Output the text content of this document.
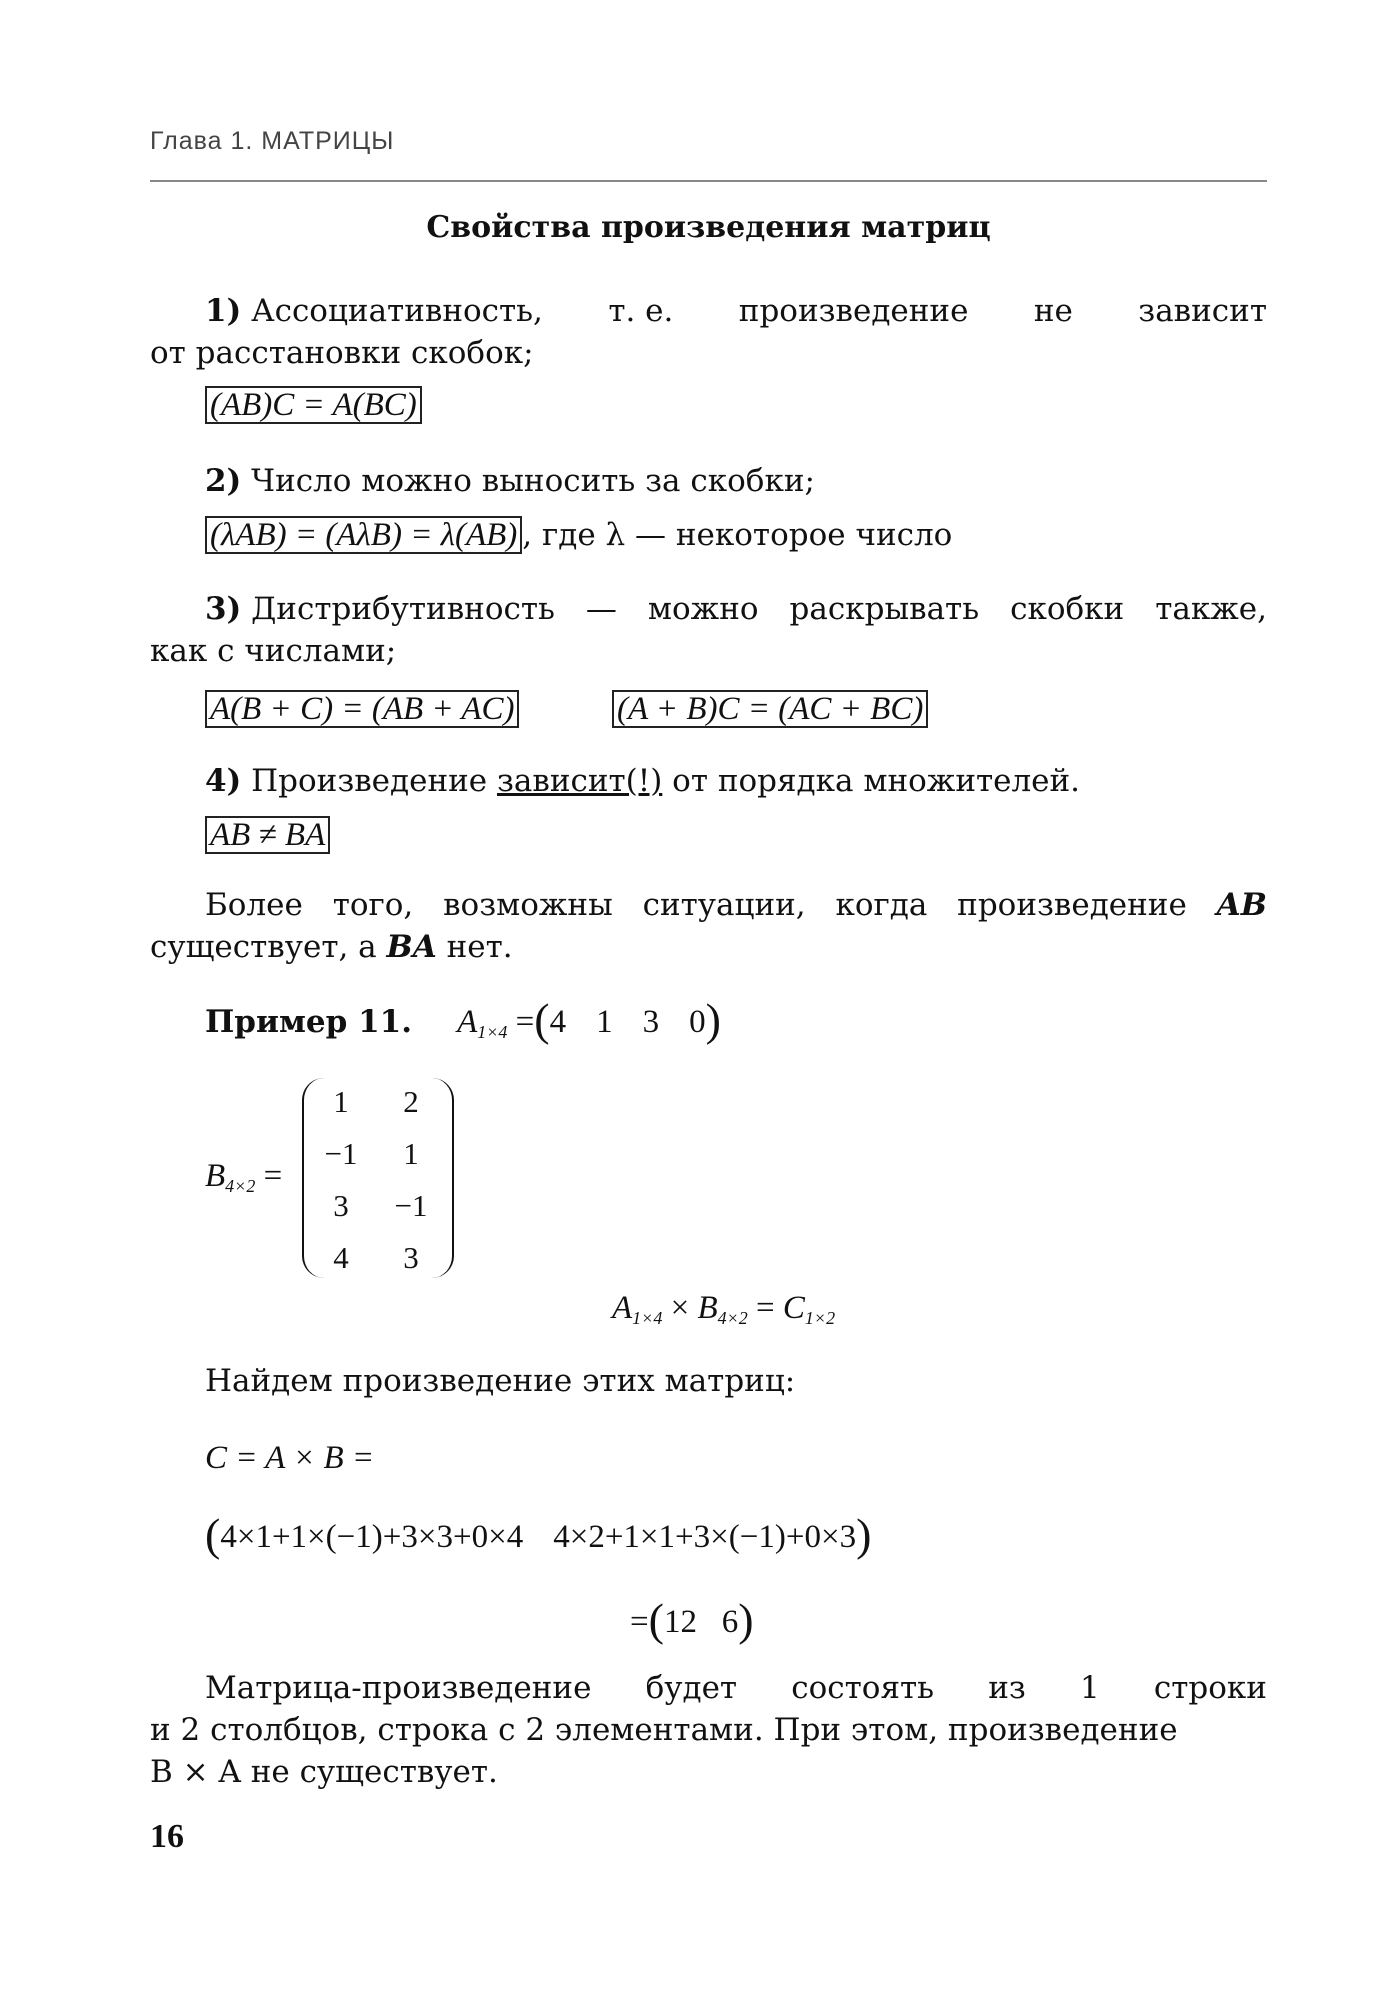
Глава 1. МАТРИЦЫ
Свойства произведения матриц
1) Ассоциативность, т. е. произведение не зависит
от расстановки скобок;
(AB)C = A(BC)
2) Число можно выносить за скобки;
(λAB) = (AλB) = λ(AB) , где λ — некоторое число
3) Дистрибутивность — можно раскрывать скобки также,
как с числами;
A(B + C) = (AB + AC)	(A + B)C = (AC + BC)
4) Произведение зависит(!) от порядка множителей.
AB ≠ BA
Более того, возможны ситуации, когда произведение AB
существует, а BA нет.
Пример 11. $A_{1\times 4} =(4$ 1 3 0)
$B_{4\times 2}$ =
1	2
−1	1
3	−1
4	3
$A_{1\times 4} \times B_{4\times 2} = C_{1\times 2}$
Найдем произведение этих матриц:
C = A × B =
(4×1+1×(−1)+3×3+0×4 4×2+1×1+3×(−1)+0×3)
=(12   6)
Матрица-произведение будет состоять из 1 строки
и 2 столбцов, строка с 2 элементами. При этом, произведение
B × A не существует.
16
